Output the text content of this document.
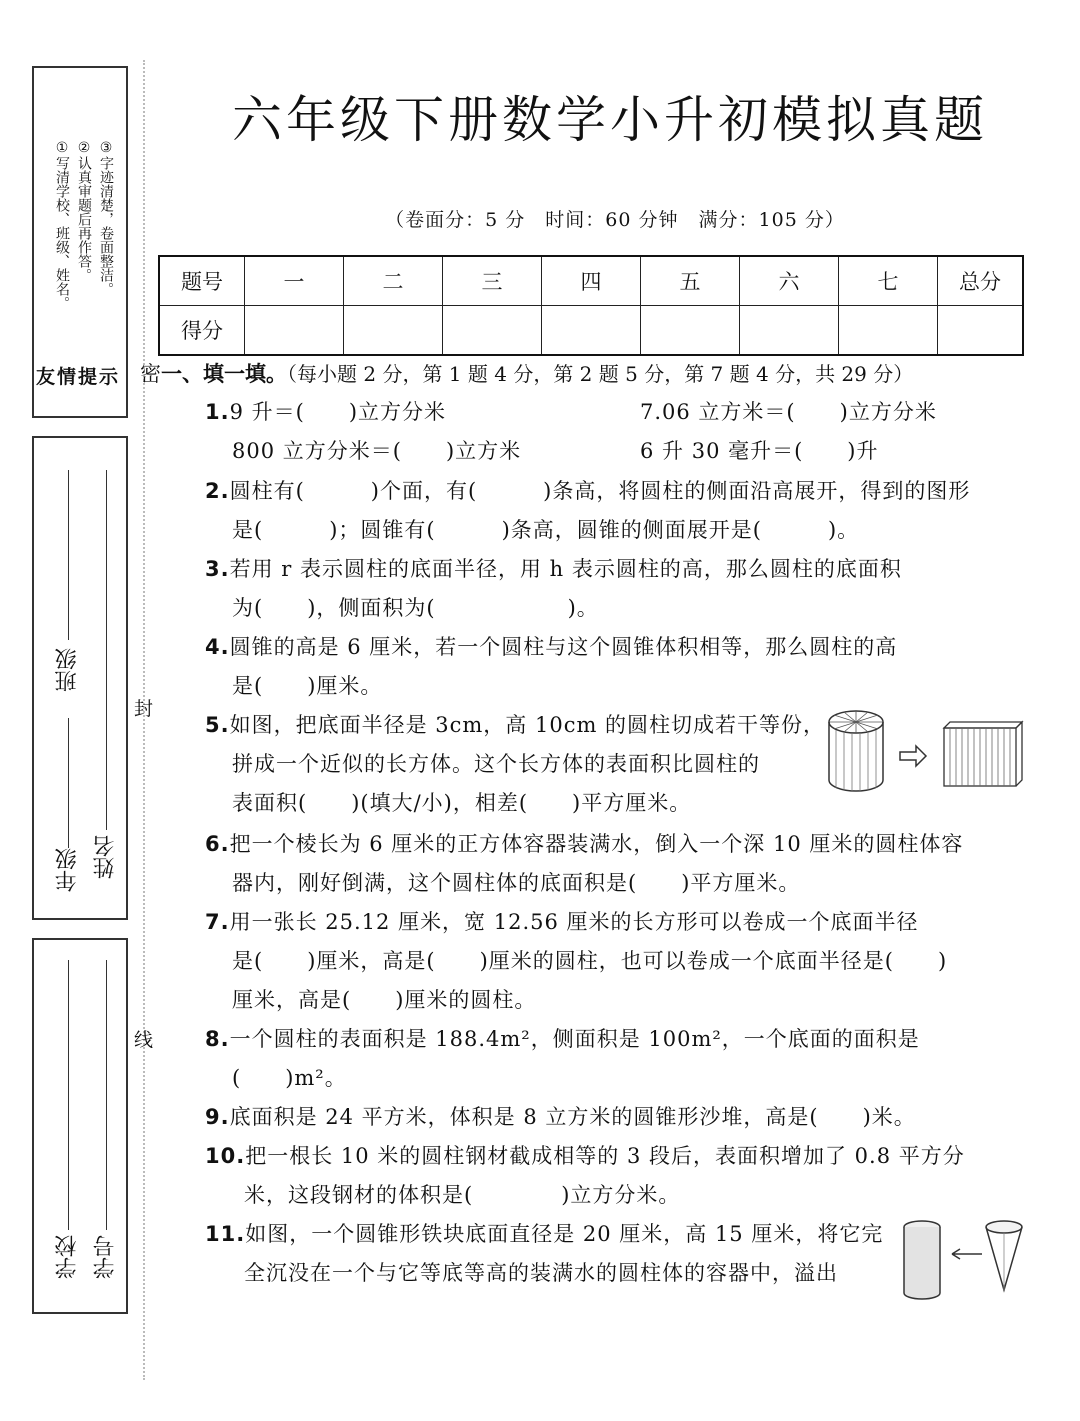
①写清学校、班级、姓名。 ②认真审题后再作答。 ③字迹清楚，卷面整洁。
友情提示
班级
年级 姓名
学校 学号
封
线
六年级下册数学小升初模拟真题
（卷面分：5 分　时间：60 分钟　满分：105 分）
题号	一	二	三	四	五	六	七	总分
得分								
密一、填一填。（每小题 2 分，第 1 题 4 分，第 2 题 5 分，第 7 题 4 分，共 29 分）
1.9 升＝(　　)立方分米	7.06 立方米＝(　　)立方分米
800 立方分米＝(　　)立方米	6 升 30 毫升＝(　　)升
2.圆柱有(　　　)个面，有(　　　)条高，将圆柱的侧面沿高展开，得到的图形
是(　　　)；圆锥有(　　　)条高，圆锥的侧面展开是(　　　)。
3.若用 r 表示圆柱的底面半径，用 h 表示圆柱的高，那么圆柱的底面积
为(　　)，侧面积为(　　　　　　)。
4.圆锥的高是 6 厘米，若一个圆柱与这个圆锥体积相等，那么圆柱的高
是(　　)厘米。
5.如图，把底面半径是 3cm，高 10cm 的圆柱切成若干等份，
拼成一个近似的长方体。这个长方体的表面积比圆柱的
表面积(　　)(填大/小)，相差(　　)平方厘米。
6.把一个棱长为 6 厘米的正方体容器装满水，倒入一个深 10 厘米的圆柱体容
器内，刚好倒满，这个圆柱体的底面积是(　　)平方厘米。
7.用一张长 25.12 厘米，宽 12.56 厘米的长方形可以卷成一个底面半径
是(　　)厘米，高是(　　)厘米的圆柱，也可以卷成一个底面半径是(　　)
厘米，高是(　　)厘米的圆柱。
8.一个圆柱的表面积是 188.4m²，侧面积是 100m²，一个底面的面积是
(　　)m²。
9.底面积是 24 平方米，体积是 8 立方米的圆锥形沙堆，高是(　　)米。
10.把一根长 10 米的圆柱钢材截成相等的 3 段后，表面积增加了 0.8 平方分
米，这段钢材的体积是(　　　　)立方分米。
11.如图，一个圆锥形铁块底面直径是 20 厘米，高 15 厘米，将它完
全沉没在一个与它等底等高的装满水的圆柱体的容器中，溢出
